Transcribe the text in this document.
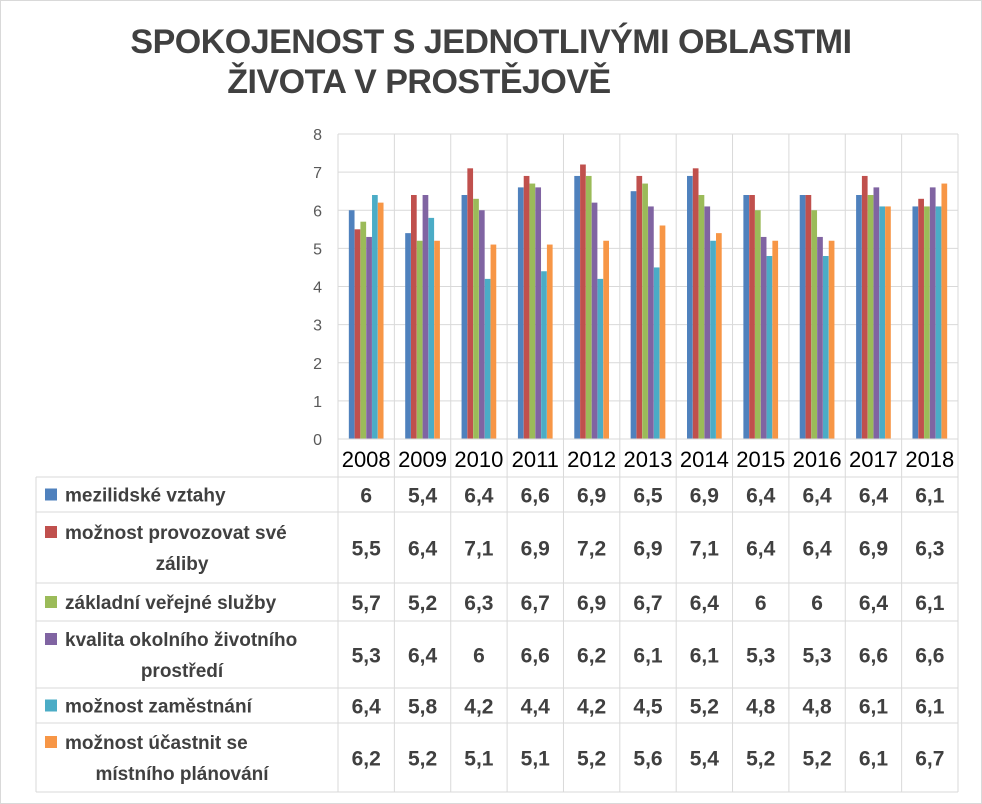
SPOKOJENOST S JEDNOTLIVÝMI OBLASTMI
ŽIVOTA V PROSTĚJOVĚ
0
1
2
3
4
5
6
7
8
2008 2009 2010 2011 2012 2013 2014 2015 2016 2017 2018
mezilidské vztahy	6 5,4 6,4 6,6 6,9 6,5 6,9 6,4 6,4 6,4 6,1
možnost provozovat své
záliby
5,5 6,4 7,1 6,9 7,2 6,9 7,1 6,4 6,4 6,9 6,3
základní veřejné služby	5,7 5,2 6,3 6,7 6,9 6,7 6,4 6 6 6,4 6,1
kvalita okolního životního
prostředí
5,3 6,4 6 6,6 6,2 6,1 6,1 5,3 5,3 6,6 6,6
možnost zaměstnání	6,4 5,8 4,2 4,4 4,2 4,5 5,2 4,8 4,8 6,1 6,1
možnost účastnit se
místního plánování
6,2 5,2 5,1 5,1 5,2 5,6 5,4 5,2 5,2 6,1 6,7
